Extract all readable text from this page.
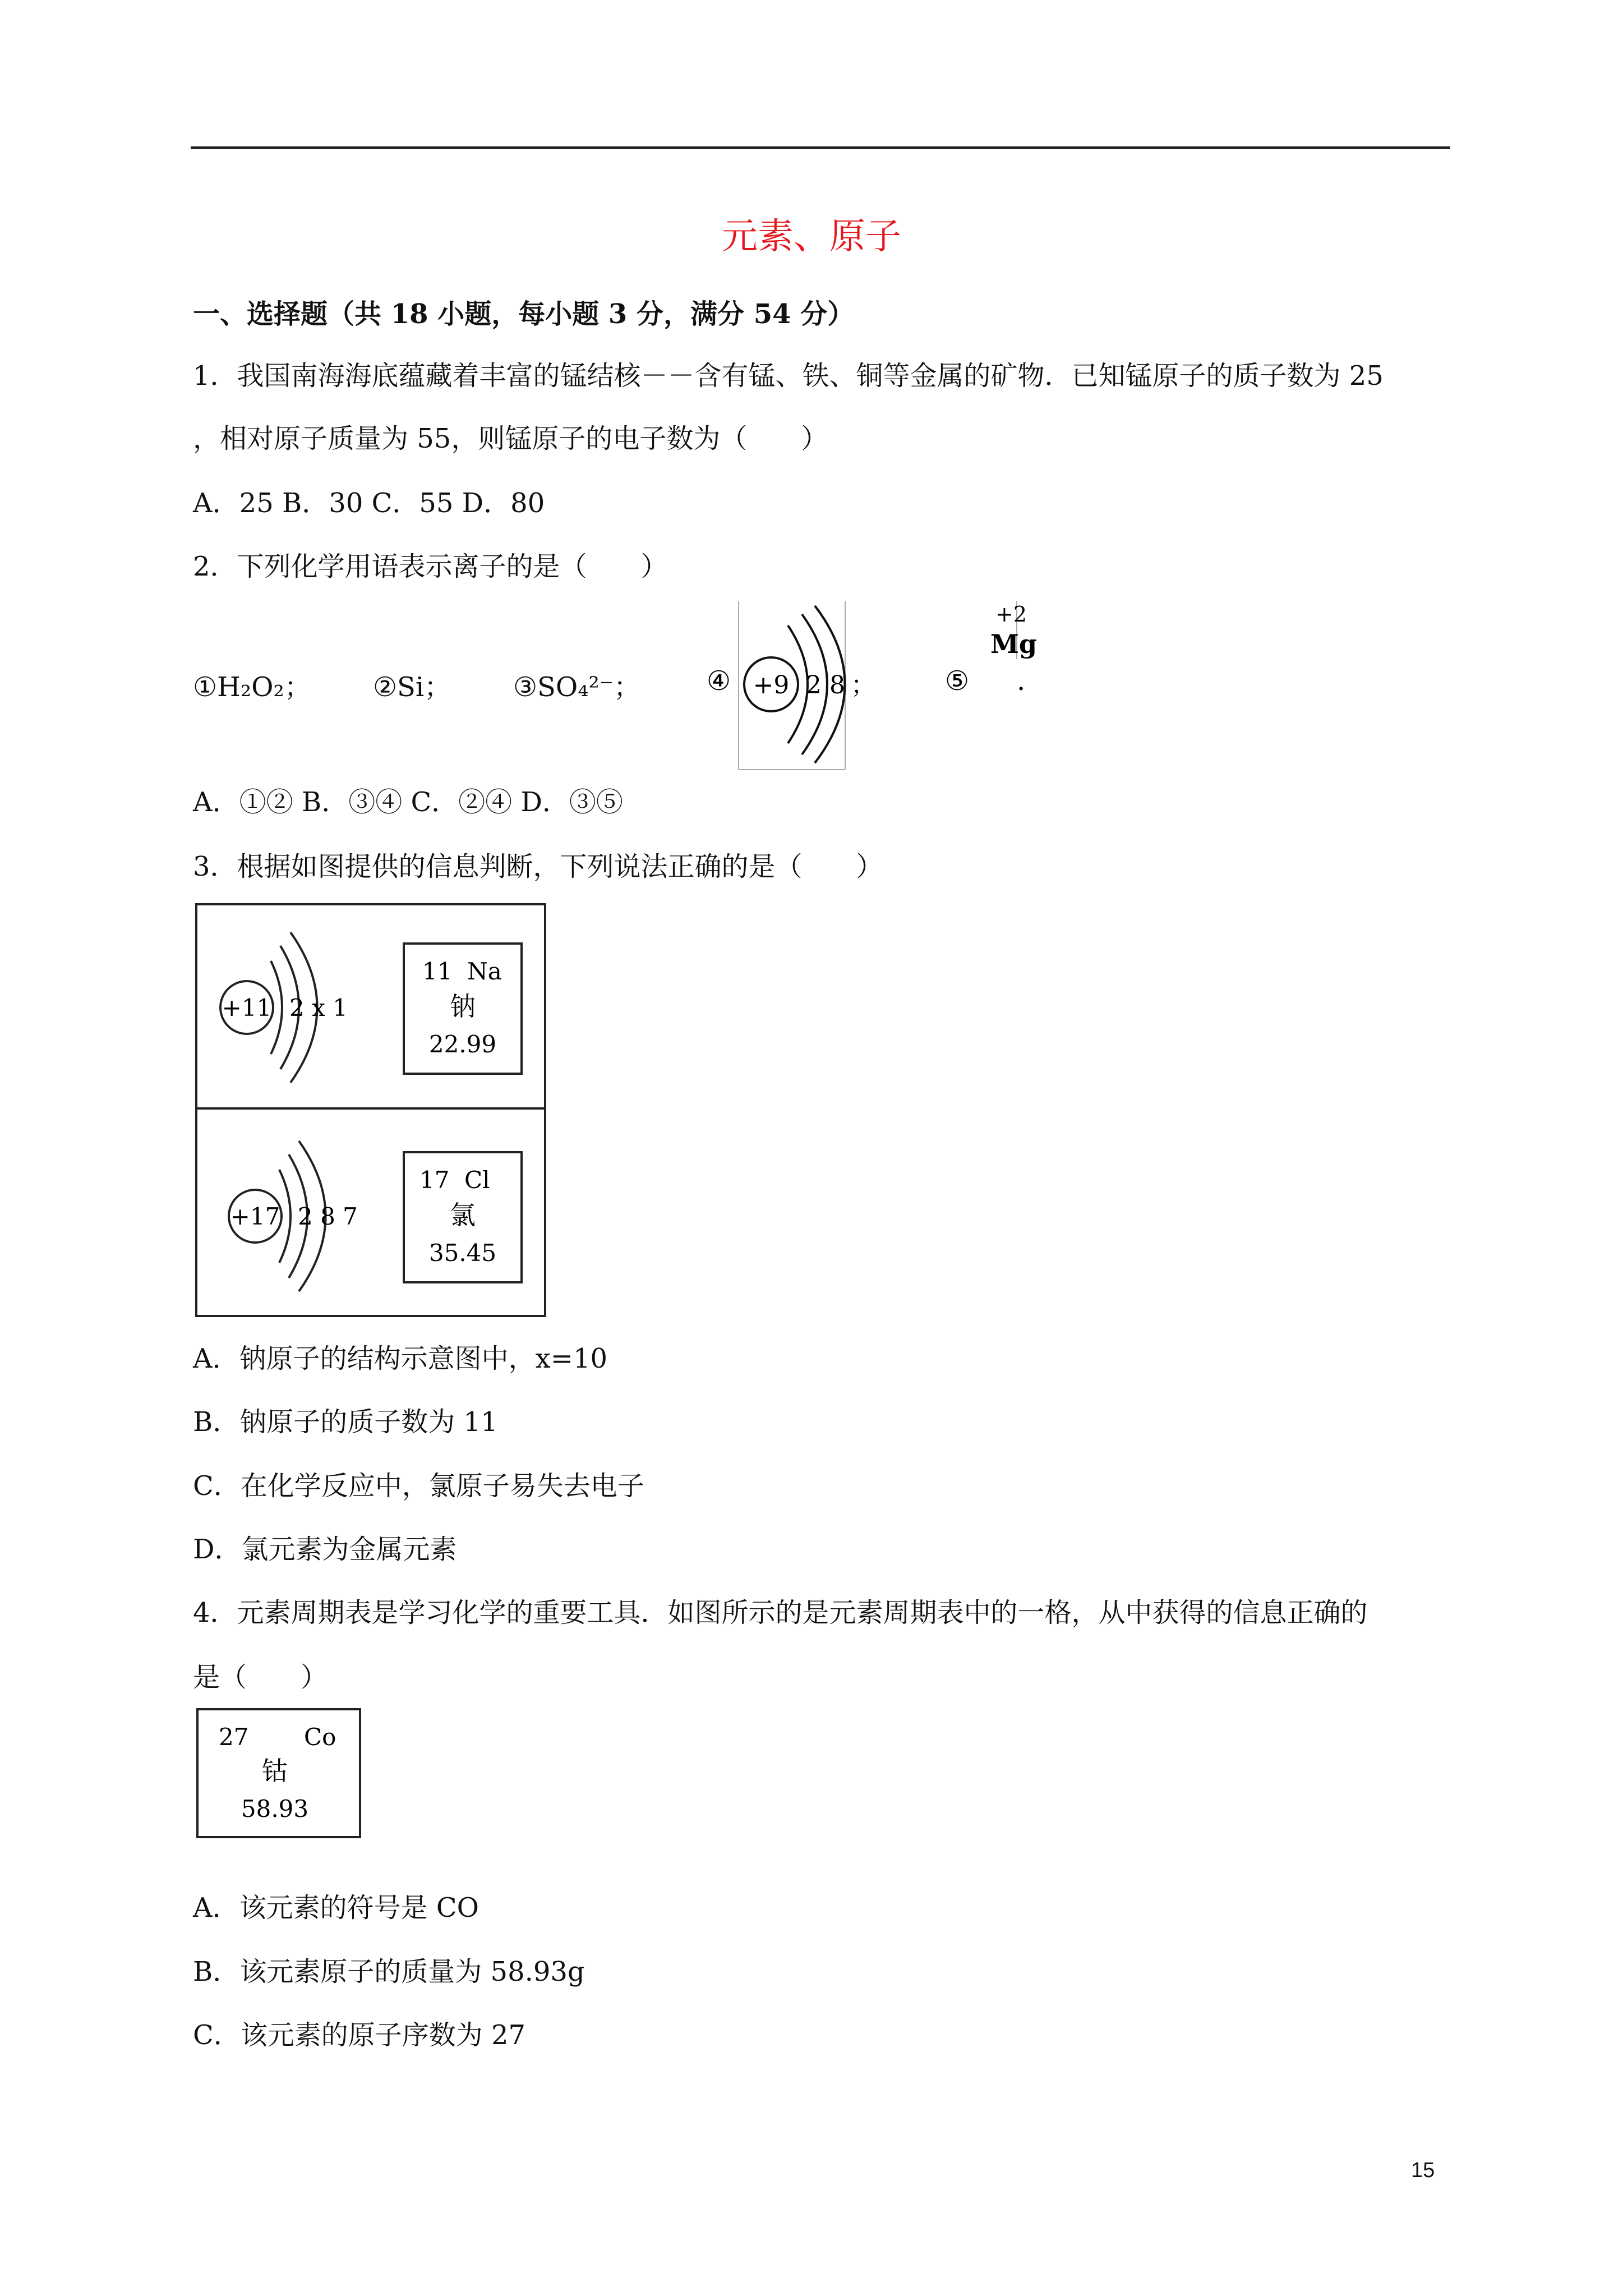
元素、原子
一、选择题（共 18 小题，每小题 3 分，满分 54 分）
1．我国南海海底蕴藏着丰富的锰结核－－含有锰、铁、铜等金属的矿物．已知锰原子的质子数为 25
，相对原子质量为 55，则锰原子的电子数为（　　）
A．25 B．30 C．55 D．80
2．下列化学用语表示离子的是（　　）
①H₂O₂； ②Si； ③SO₄²⁻； ④ +9 2 8 ；	⑤
+2
Mg
.
A．①② B．③④ C．②④ D．③⑤
3．根据如图提供的信息判断，下列说法正确的是（　　）
+11 2 x 1
11 Na
钠
22.99
+17 2 8 7
17 Cl
氯
35.45
A．钠原子的结构示意图中，x=10
B．钠原子的质子数为 11
C．在化学反应中，氯原子易失去电子
D．氯元素为金属元素
4．元素周期表是学习化学的重要工具．如图所示的是元素周期表中的一格，从中获得的信息正确的
是（　　）
27 Co
钴
58.93
A．该元素的符号是 CO
B．该元素原子的质量为 58.93g
C．该元素的原子序数为 27
15
